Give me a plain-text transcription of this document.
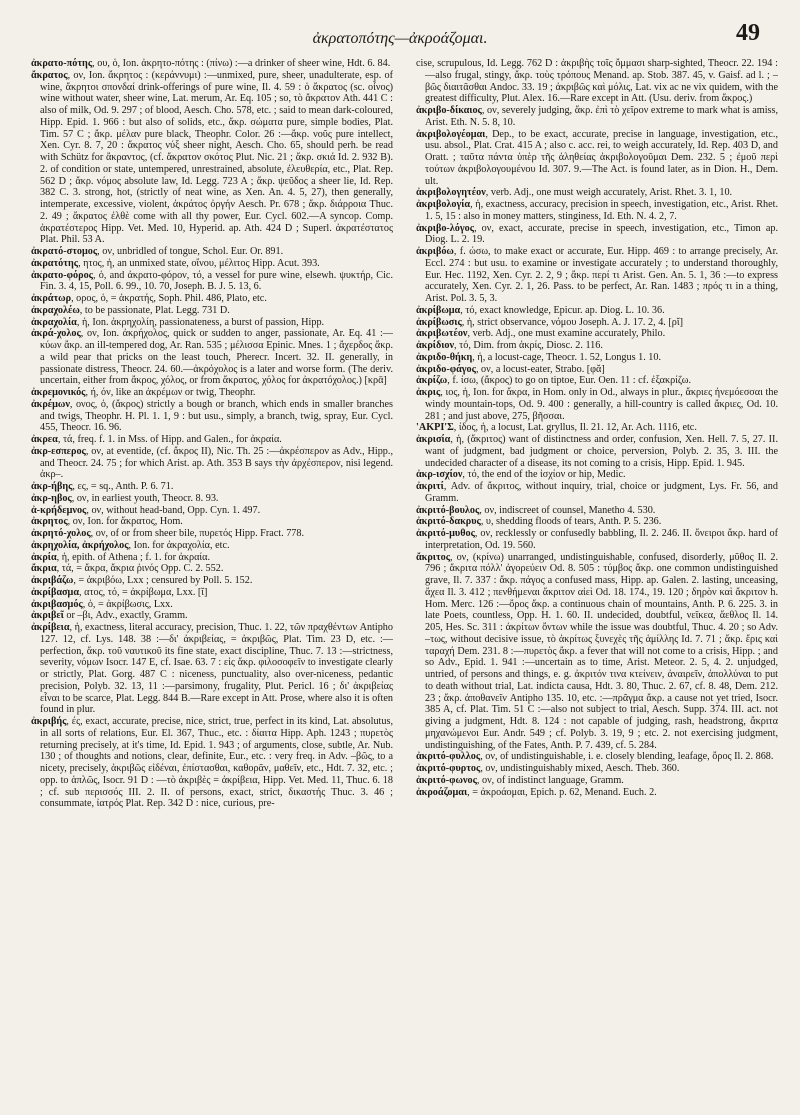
ἀκρατοπότης—ἀκροάζομαι.	49

ἀκρατο-πότης, ου, ὁ, Ion. ἀκρητο-πότης : (πίνω) :—a drinker of sheer wine, Hdt. 6. 84.

ἄκρατος, ον, Ion. ἄκρητος : (κεράννυμι) :—unmixed, pure, sheer, unadulterate, esp. of wine, ἄκρητοι σπονδαί drink-offerings of pure wine, Il. 4. 59 : ὁ ἄκρατος (sc. οἶνος) wine without water, sheer wine, Lat. merum, Ar. Eq. 105 ; so, τὸ ἄκρατον Ath. 441 C : also of milk, Od. 9. 297 ; of blood, Aesch. Cho. 578, etc. ; said to mean dark-coloured, Hipp. Epid. 1. 966 : but also of solids, etc., ἄκρ. σώματα pure, simple bodies, Plat. Tim. 57 C ; ἄκρ. μέλαν pure black, Theophr. Color. 26 :—ἄκρ. νοῦς pure intellect, Xen. Cyr. 8. 7, 20 : ἄκρατος νύξ sheer night, Aesch. Cho. 65, should perh. be read with Schütz for ἄκραντος, (cf. ἄκρατον σκότος Plut. Nic. 21 ; ἄκρ. σκιά Id. 2. 932 B). 2. of condition or state, untempered, unrestrained, absolute, ἐλευθερία, etc., Plat. Rep. 562 D ; ἄκρ. νόμος absolute law, Id. Legg. 723 A ; ἄκρ. ψεῦδος a sheer lie, Id. Rep. 382 C. 3. strong, hot, (strictly of neat wine, as Xen. An. 4. 5, 27), then generally, intemperate, excessive, violent, ἀκράτος ὀργήν Aesch. Pr. 678 ; ἄκρ. διάρροια Thuc. 2. 49 ; ἄκρατος ἐλθὲ come with all thy power, Eur. Cycl. 602.—A syncop. Comp. ἀκρατέστερος Hipp. Vet. Med. 10, Hyperid. ap. Ath. 424 D ; Superl. ἀκρατέστατος Plat. Phil. 53 A.

ἀκρατό-στομος, ον, unbridled of tongue, Schol. Eur. Or. 891.

ἀκρατότης, ητος, ἡ, an unmixed state, οἴνου, μέλιτος Hipp. Acut. 393.

ἀκρατο-φόρος, ὁ, and ἀκρατο-φόρον, τό, a vessel for pure wine, elsewh. ψυκτήρ, Cic. Fin. 3. 4, 15, Poll. 6. 99., 10. 70, Joseph. B. J. 5. 13, 6.

ἀκράτωρ, ορος, ὁ, = ἀκρατής, Soph. Phil. 486, Plato, etc.

ἀκραχολέω, to be passionate, Plat. Legg. 731 D.

ἀκραχολία, ἡ, Ion. ἀκρηχολίη, passionateness, a burst of passion, Hipp.

ἀκρά-χολος, ον, Ion. ἀκρήχολος, quick or sudden to anger, passionate, Ar. Eq. 41 :—κύων ἄκρ. an ill-tempered dog, Ar. Ran. 535 ; μέλισσα Epinic. Mnes. 1 ; ἄχερδος ἄκρ. a wild pear that pricks on the least touch, Pherecr. Incert. 32. II. generally, in passionate distress, Theocr. 24. 60.—ἀκρόχολος is a later and worse form. (The deriv. uncertain, either from ἄκρος, χόλος, or from ἄκρατος, χόλος for ἀκρατόχολος.) [κρᾱ]

ἀκρεμονικός, ή, όν, like an ἀκρέμων or twig, Theophr.

ἀκρέμων, ονος, ὁ, (ἄκρος) strictly a bough or branch, which ends in smaller branches and twigs, Theophr. H. Pl. 1. 1, 9 : but usu., simply, a branch, twig, spray, Eur. Cycl. 455, Theocr. 16. 96.

ἀκρεα, τά, freq. f. 1. in Mss. of Hipp. and Galen., for ἀκραία.

ἀκρ-εσπερος, ον, at eventide, (cf. ἄκρος II), Nic. Th. 25 :—ἀκρέσπερον as Adv., Hipp., and Theocr. 24. 75 ; for which Arist. ap. Ath. 353 B says τὴν ἀρχέσπερον, nisi legend. ἀκρ–.

ἀκρ-ήβης, ες, = sq., Anth. P. 6. 71.

ἀκρ-ηβος, ον, in earliest youth, Theocr. 8. 93.

ἀ-κρήδεμνος, ον, without head-band, Opp. Cyn. 1. 497.

ἀκρητος, ον, Ion. for ἄκρατος, Hom.

ἀκρητό-χολος, ον, of or from sheer bile, πυρετός Hipp. Fract. 778.

ἀκρηχολία, ἀκρήχολος, Ion. for ἀκραχολία, etc.

ἀκρία, ἡ, epith. of Athena ; f. 1. for ἀκραία.

ἄκρια, τά, = ἄκρα, ἄκρια ῥινός Opp. C. 2. 552.

ἀκριβάζω, = ἀκριβόω, Lxx ; censured by Poll. 5. 152.

ἀκρίβασμα, ατος, τό, = ἀκρίβωμα, Lxx. [ῐ]

ἀκριβασμός, ὁ, = ἀκρίβωσις, Lxx.

ἀκριβεῖ or –βι, Adv., exactly, Gramm.

ἀκρίβεια, ἡ, exactness, literal accuracy, precision, Thuc. 1. 22, τῶν πραχθέντων Antipho 127. 12, cf. Lys. 148. 38 :—δι' ἀκριβείας, = ἀκριβῶς, Plat. Tim. 23 D, etc. :—perfection, ἄκρ. τοῦ ναυτικοῦ its fine state, exact discipline, Thuc. 7. 13 :—strictness, severity, νόμων Isocr. 147 E, cf. Isae. 63. 7 : εἰς ἄκρ. φιλοσοφεῖν to investigate clearly or strictly, Plat. Gorg. 487 C : niceness, punctuality, also over-niceness, pedantic precision, Polyb. 32. 13, 11 :—parsimony, frugality, Plut. Pericl. 16 ; δι' ἀκριβείας εἶναι to be scarce, Plat. Legg. 844 B.—Rare except in Att. Prose, where also it is often found in plur.

ἀκριβής, ές, exact, accurate, precise, nice, strict, true, perfect in its kind, Lat. absolutus, in all sorts of relations, Eur. El. 367, Thuc., etc. : δίαιτα Hipp. Aph. 1243 ; πυρετὸς returning precisely, at it's time, Id. Epid. 1. 943 ; of arguments, close, subtle, Ar. Nub. 130 ; of thoughts and notions, clear, definite, Eur., etc. : very freq. in Adv. –βῶς, to a nicety, precisely, ἀκριβῶς εἰδέναι, ἐπίστασθαι, καθορᾶν, μαθεῖν, etc., Hdt. 7. 32, etc. ; opp. to ἁπλῶς, Isocr. 91 D : —τὸ ἀκριβὲς = ἀκρίβεια, Hipp. Vet. Med. 11, Thuc. 6. 18 ; cf. sub περισσός III. 2. II. of persons, exact, strict, δικαστής Thuc. 3. 46 ; consummate, ἰατρός Plat. Rep. 342 D : nice, curious, pre-

cise, scrupulous, Id. Legg. 762 D : ἀκριβὴς τοῖς ὄμμασι sharp-sighted, Theocr. 22. 194 :—also frugal, stingy, ἄκρ. τοὺς τρόπους Menand. ap. Stob. 387. 45, v. Gaisf. ad l. ; –βῶς διαιτᾶσθαι Andoc. 33. 19 ; ἀκριβῶς καὶ μόλις, Lat. vix ac ne vix quidem, with the greatest difficulty, Plut. Alex. 16.—Rare except in Att. (Usu. deriv. from ἄκρος.)

ἀκριβο-δίκαιος, ον, severely judging, ἄκρ. ἐπὶ τὸ χεῖρον extreme to mark what is amiss, Arist. Eth. N. 5. 8, 10.

ἀκριβολογέομαι, Dep., to be exact, accurate, precise in language, investigation, etc., usu. absol., Plat. Crat. 415 A ; also c. acc. rei, to weigh accurately, Id. Rep. 403 D, and Oratt. ; ταῦτα πάντα ὑπὲρ τῆς ἀληθείας ἀκριβολογοῦμαι Dem. 232. 5 ; ἐμοῦ περὶ τούτων ἀκριβολογουμένου Id. 307. 9.—The Act. is found later, as in Dion. H., Dem. ult.

ἀκριβολογητέον, verb. Adj., one must weigh accurately, Arist. Rhet. 3. 1, 10.

ἀκριβολογία, ἡ, exactness, accuracy, precision in speech, investigation, etc., Arist. Rhet. 1. 5, 15 : also in money matters, stinginess, Id. Eth. N. 4. 2, 7.

ἀκριβο-λόγος, ον, exact, accurate, precise in speech, investigation, etc., Timon ap. Diog. L. 2. 19.

ἀκριβόω, f. ώσω, to make exact or accurate, Eur. Hipp. 469 : to arrange precisely, Ar. Eccl. 274 : but usu. to examine or investigate accurately ; to understand thoroughly, Eur. Hec. 1192, Xen. Cyr. 2. 2, 9 ; ἄκρ. περί τι Arist. Gen. An. 5. 1, 36 :—to express accurately, Xen. Cyr. 2. 1, 26. Pass. to be perfect, Ar. Ran. 1483 ; πρός τι in a thing, Arist. Pol. 3. 5, 3.

ἀκρίβωμα, τό, exact knowledge, Epicur. ap. Diog. L. 10. 36.

ἀκρίβωσις, ἡ, strict observance, νόμου Joseph. A. J. 17. 2, 4. [ρῐ]

ἀκριβωτέον, verb. Adj., one must examine accurately, Philo.

ἀκρίδιον, τό, Dim. from ἀκρίς, Diosc. 2. 116.

ἀκριδο-θήκη, ἡ, a locust-cage, Theocr. 1. 52, Longus 1. 10.

ἀκριδο-φάγος, ον, a locust-eater, Strabo. [φᾰ]

ἀκρίζω, f. ίσω, (ἄκρος) to go on tiptoe, Eur. Oen. 11 : cf. ἐξακρίζω.

ἀκρις, ιος, ἡ, Ion. for ἄκρα, in Hom. only in Od., always in plur., ἄκριες ἠνεμόεσσαι the windy mountain-tops, Od. 9. 400 : generally, a hill-country is called ἄκριες, Od. 10. 281 ; and just above, 275, βῆσσαι.

'ΑΚΡΙ'Σ, ίδος, ἡ, a locust, Lat. gryllus, Il. 21. 12, Ar. Ach. 1116, etc.

ἀκρισία, ἡ, (ἄκριτος) want of distinctness and order, confusion, Xen. Hell. 7. 5, 27. II. want of judgment, bad judgment or choice, perversion, Polyb. 2. 35, 3. III. the undecided character of a disease, its not coming to a crisis, Hipp. Epid. 1. 945.

ἀκρ-ισχίον, τό, the end of the ἰσχίον or hip, Medic.

ἀκριτί, Adv. of ἄκριτος, without inquiry, trial, choice or judgment, Lys. Fr. 56, and Gramm.

ἀκριτό-βουλος, ον, indiscreet of counsel, Manetho 4. 530.

ἀκριτό-δακρυς, υ, shedding floods of tears, Anth. P. 5. 236.

ἀκριτό-μυθος, ον, recklessly or confusedly babbling, Il. 2. 246. II. ὄνειροι ἄκρ. hard of interpretation, Od. 19. 560.

ἄκριτος, ον, (κρίνω) unarranged, undistinguishable, confused, disorderly, μῦθος Il. 2. 796 ; ἄκριτα πόλλ' ἀγορεύειν Od. 8. 505 : τύμβος ἄκρ. one common undistinguished grave, Il. 7. 337 : ἄκρ. πάγος a confused mass, Hipp. ap. Galen. 2. lasting, unceasing, ἄχεα Il. 3. 412 ; πενθήμεναι ἄκριτον αἰεὶ Od. 18. 174., 19. 120 ; δηρὸν καὶ ἄκριτον h. Hom. Merc. 126 :—ὄρος ἄκρ. a continuous chain of mountains, Anth. P. 6. 225. 3. in late Poets, countless, Opp. H. 1. 60. II. undecided, doubtful, νεῖκεα, ἄεθλος Il. 14. 205, Hes. Sc. 311 : ἀκρίτων ὄντων while the issue was doubtful, Thuc. 4. 20 ; so Adv. –τως, without decisive issue, τὸ ἀκρίτως ξυνεχὲς τῆς ἁμίλλης Id. 7. 71 ; ἄκρ. ἔρις καὶ ταραχή Dem. 231. 8 :—πυρετὸς ἄκρ. a fever that will not come to a crisis, Hipp. ; and so Adv., Epid. 1. 941 :—uncertain as to time, Arist. Meteor. 2. 5, 4. 2. unjudged, untried, of persons and things, e. g. ἀκριτόν τινα κτείνειν, ἀναιρεῖν, ἀπολλύναι to put to death without trial, Lat. indicta causa, Hdt. 3. 80, Thuc. 2. 67, cf. 8. 48, Dem. 212. 23 ; ἄκρ. ἀποθανεῖν Antipho 135. 10, etc. :—πρᾶγμα ἄκρ. a cause not yet tried, Isocr. 385 A, cf. Plat. Tim. 51 C :—also not subject to trial, Aesch. Supp. 374. III. act. not giving a judgment, Hdt. 8. 124 : not capable of judging, rash, headstrong, ἄκριτα μηχανώμενοι Eur. Andr. 549 ; cf. Polyb. 3. 19, 9 ; etc. 2. not exercising judgment, undistinguishing, of the Fates, Anth. P. 7. 439, cf. 5. 284.

ἀκριτό-φυλλος, ον, of undistinguishable, i. e. closely blending, leafage, ὄρος Il. 2. 868.

ἀκριτό-φυρτος, ον, undistinguishably mixed, Aesch. Theb. 360.

ἀκριτό-φωνος, ον, of indistinct language, Gramm.

ἀκροάζομαι, = ἀκροάομαι, Epich. p. 62, Menand. Euch. 2.
